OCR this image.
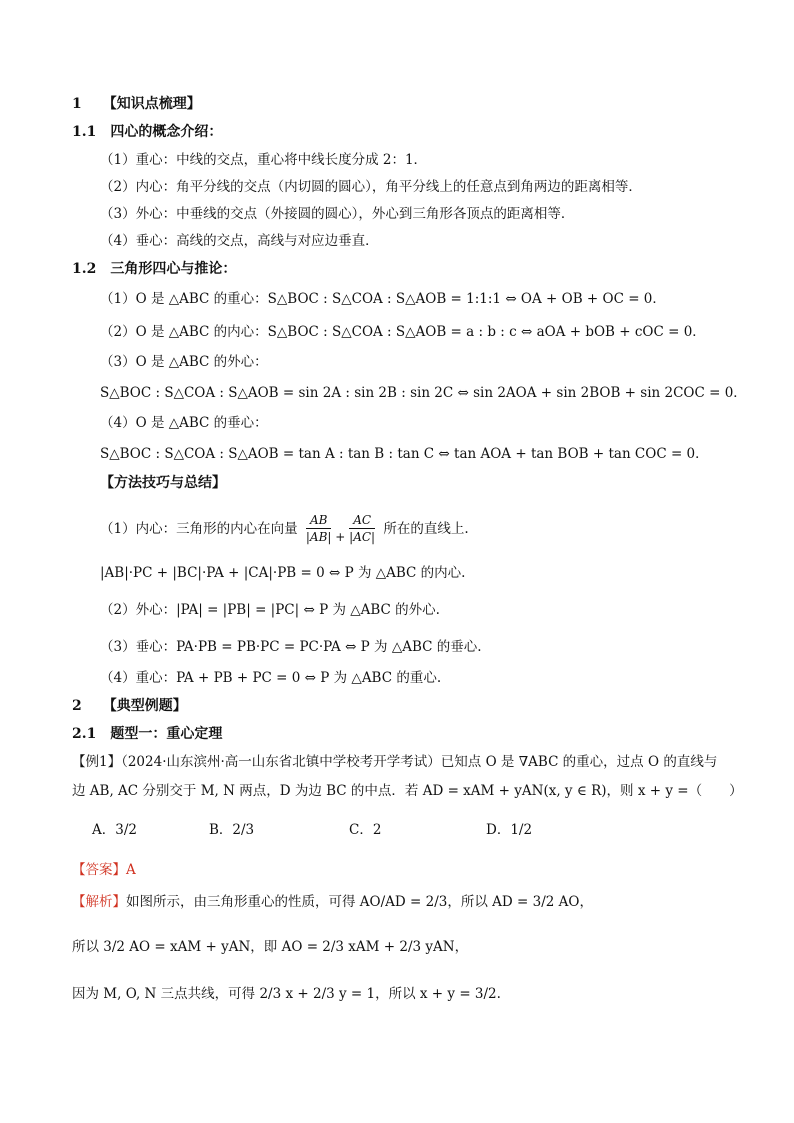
1　　【知识点梳理】
1.1　四心的概念介绍：
（1）重心：中线的交点，重心将中线长度分成 2：1．
（2）内心：角平分线的交点（内切圆的圆心），角平分线上的任意点到角两边的距离相等．
（3）外心：中垂线的交点（外接圆的圆心），外心到三角形各顶点的距离相等．
（4）垂心：高线的交点，高线与对应边垂直．
1.2　三角形四心与推论：
（1）O 是 △ABC 的重心：S△BOC : S△COA : S△AOB = 1:1:1 ⇔ OA + OB + OC = 0．
（2）O 是 △ABC 的内心：S△BOC : S△COA : S△AOB = a : b : c ⇔ aOA + bOB + cOC = 0．
（3）O 是 △ABC 的外心：
S△BOC : S△COA : S△AOB = sin 2A : sin 2B : sin 2C ⇔ sin 2AOA + sin 2BOB + sin 2COC = 0．
（4）O 是 △ABC 的垂心：
S△BOC : S△COA : S△AOB = tan A : tan B : tan C ⇔ tan AOA + tan BOB + tan COC = 0．
【方法技巧与总结】
（1）内心：三角形的内心在向量 $\frac{AB}{|AB|} + \frac{AC}{|AC|}$ 所在的直线上.
|AB|·PC + |BC|·PA + |CA|·PB = 0 ⇔ P 为 △ABC 的内心.
（2）外心：|PA| = |PB| = |PC| ⇔ P 为 △ABC 的外心.
（3）垂心：PA·PB = PB·PC = PC·PA ⇔ P 为 △ABC 的垂心.
（4）重心：PA + PB + PC = 0 ⇔ P 为 △ABC 的重心.
2　　【典型例题】
2.1　题型一：重心定理
【例1】（2024·山东滨州·高一山东省北镇中学校考开学考试）已知点 O 是 ∇ABC 的重心，过点 O 的直线与
边 AB, AC 分别交于 M, N 两点，D 为边 BC 的中点．若 AD = xAM + yAN(x, y ∈ R)，则 x + y =（　　）
A．3/2	B．2/3	C．2	D．1/2
【答案】A
【解析】如图所示，由三角形重心的性质，可得 AO/AD = 2/3，所以 AD = 3/2 AO，
所以 3/2 AO = xAM + yAN，即 AO = 2/3 xAM + 2/3 yAN，
因为 M, O, N 三点共线，可得 2/3 x + 2/3 y = 1，所以 x + y = 3/2.
